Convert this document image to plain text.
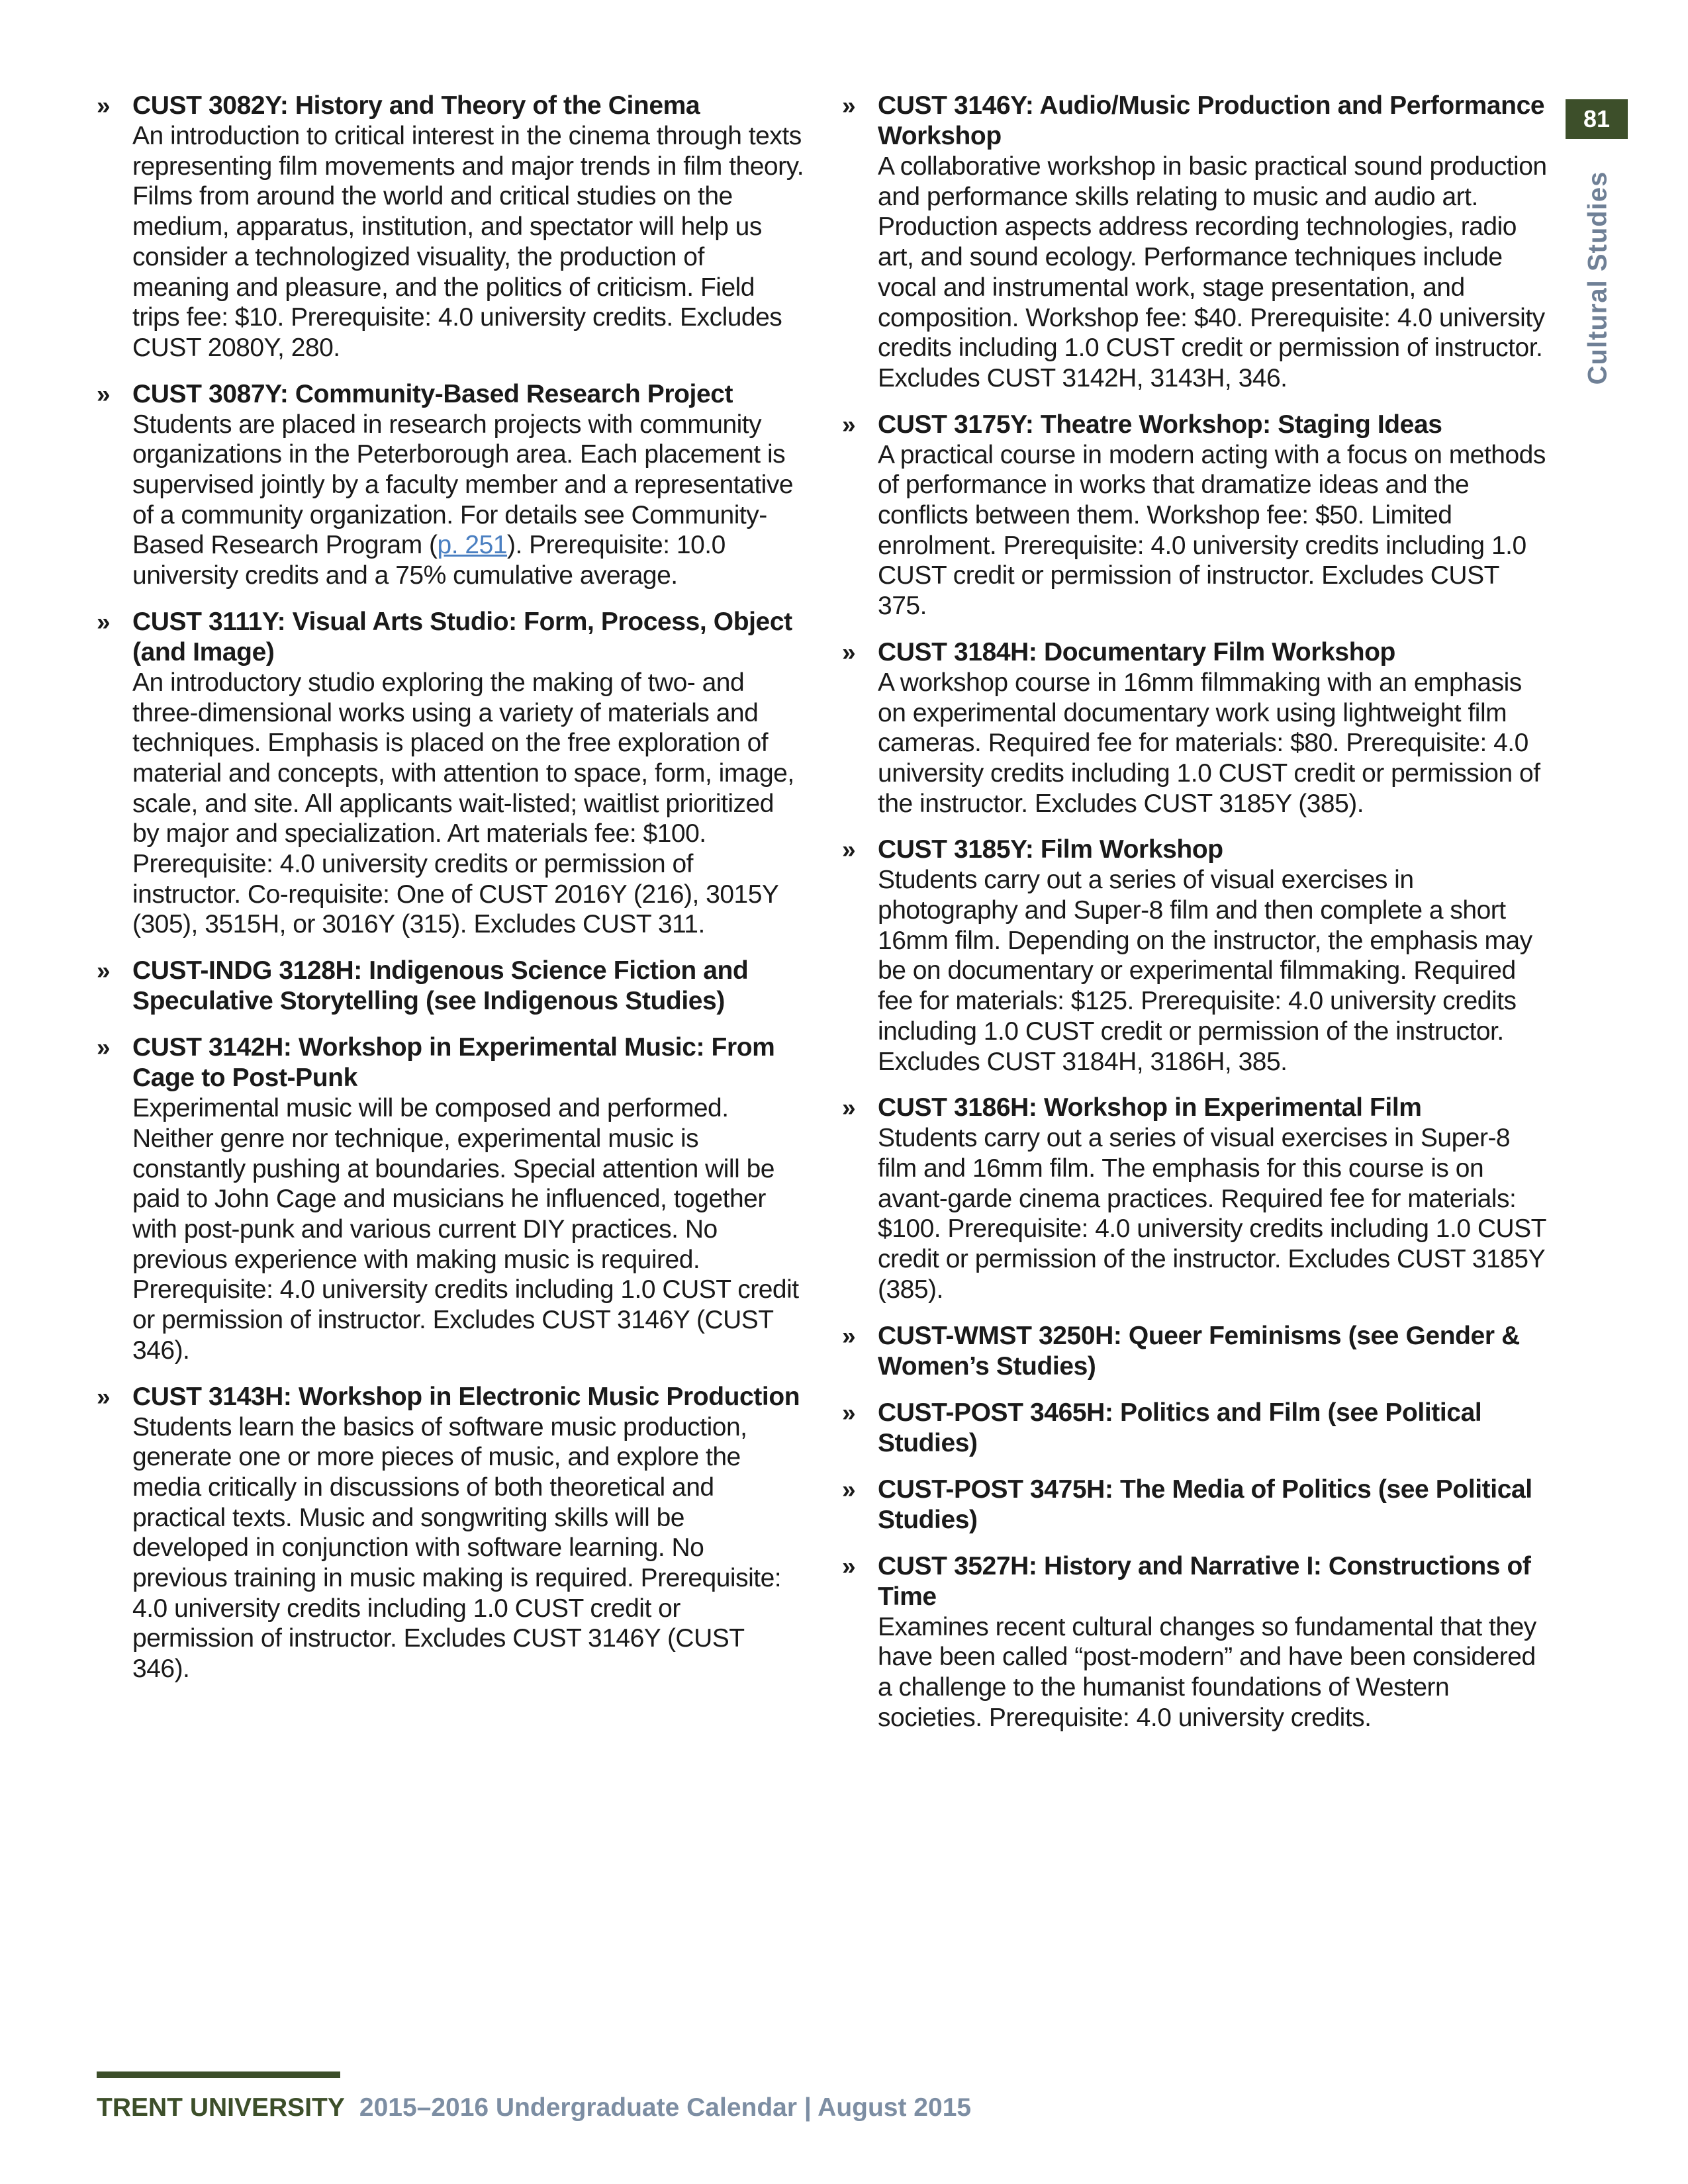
81
Cultural Studies
» CUST 3082Y: History and Theory of the Cinema
An introduction to critical interest in the cinema through texts representing film movements and major trends in film theory. Films from around the world and critical studies on the medium, apparatus, institution, and spectator will help us consider a technologized visuality, the production of meaning and pleasure, and the politics of criticism. Field trips fee: $10. Prerequisite: 4.0 university credits. Excludes CUST 2080Y, 280.
» CUST 3087Y: Community-Based Research Project
Students are placed in research projects with community organizations in the Peterborough area. Each placement is supervised jointly by a faculty member and a representative of a community organization. For details see Community-Based Research Program (p. 251). Prerequisite: 10.0 university credits and a 75% cumulative average.
» CUST 3111Y: Visual Arts Studio: Form, Process, Object (and Image)
An introductory studio exploring the making of two- and three-dimensional works using a variety of materials and techniques. Emphasis is placed on the free exploration of material and concepts, with attention to space, form, image, scale, and site. All applicants wait-listed; waitlist prioritized by major and specialization. Art materials fee: $100. Prerequisite: 4.0 university credits or permission of instructor. Co-requisite: One of CUST 2016Y (216), 3015Y (305), 3515H, or 3016Y (315). Excludes CUST 311.
» CUST-INDG 3128H: Indigenous Science Fiction and Speculative Storytelling (see Indigenous Studies)
» CUST 3142H: Workshop in Experimental Music: From Cage to Post-Punk
Experimental music will be composed and performed. Neither genre nor technique, experimental music is constantly pushing at boundaries. Special attention will be paid to John Cage and musicians he influenced, together with post-punk and various current DIY practices. No previous experience with making music is required. Prerequisite: 4.0 university credits including 1.0 CUST credit or permission of instructor. Excludes CUST 3146Y (CUST 346).
» CUST 3143H: Workshop in Electronic Music Production
Students learn the basics of software music production, generate one or more pieces of music, and explore the media critically in discussions of both theoretical and practical texts. Music and songwriting skills will be developed in conjunction with software learning. No previous training in music making is required. Prerequisite: 4.0 university credits including 1.0 CUST credit or permission of instructor. Excludes CUST 3146Y (CUST 346).
» CUST 3146Y: Audio/Music Production and Performance Workshop
A collaborative workshop in basic practical sound production and performance skills relating to music and audio art. Production aspects address recording technologies, radio art, and sound ecology. Performance techniques include vocal and instrumental work, stage presentation, and composition. Workshop fee: $40. Prerequisite: 4.0 university credits including 1.0 CUST credit or permission of instructor. Excludes CUST 3142H, 3143H, 346.
» CUST 3175Y: Theatre Workshop: Staging Ideas
A practical course in modern acting with a focus on methods of performance in works that dramatize ideas and the conflicts between them. Workshop fee: $50. Limited enrolment. Prerequisite: 4.0 university credits including 1.0 CUST credit or permission of instructor. Excludes CUST 375.
» CUST 3184H: Documentary Film Workshop
A workshop course in 16mm filmmaking with an emphasis on experimental documentary work using lightweight film cameras. Required fee for materials: $80. Prerequisite: 4.0 university credits including 1.0 CUST credit or permission of the instructor. Excludes CUST 3185Y (385).
» CUST 3185Y: Film Workshop
Students carry out a series of visual exercises in photography and Super-8 film and then complete a short 16mm film. Depending on the instructor, the emphasis may be on documentary or experimental filmmaking. Required fee for materials: $125. Prerequisite: 4.0 university credits including 1.0 CUST credit or permission of the instructor. Excludes CUST 3184H, 3186H, 385.
» CUST 3186H: Workshop in Experimental Film
Students carry out a series of visual exercises in Super-8 film and 16mm film. The emphasis for this course is on avant-garde cinema practices. Required fee for materials: $100. Prerequisite: 4.0 university credits including 1.0 CUST credit or permission of the instructor. Excludes CUST 3185Y (385).
» CUST-WMST 3250H: Queer Feminisms (see Gender & Women’s Studies)
» CUST-POST 3465H: Politics and Film (see Political Studies)
» CUST-POST 3475H: The Media of Politics (see Political Studies)
» CUST 3527H: History and Narrative I: Constructions of Time
Examines recent cultural changes so fundamental that they have been called “post-modern” and have been considered a challenge to the humanist foundations of Western societies. Prerequisite: 4.0 university credits.
TRENT UNIVERSITY 2015–2016 Undergraduate Calendar | August 2015
